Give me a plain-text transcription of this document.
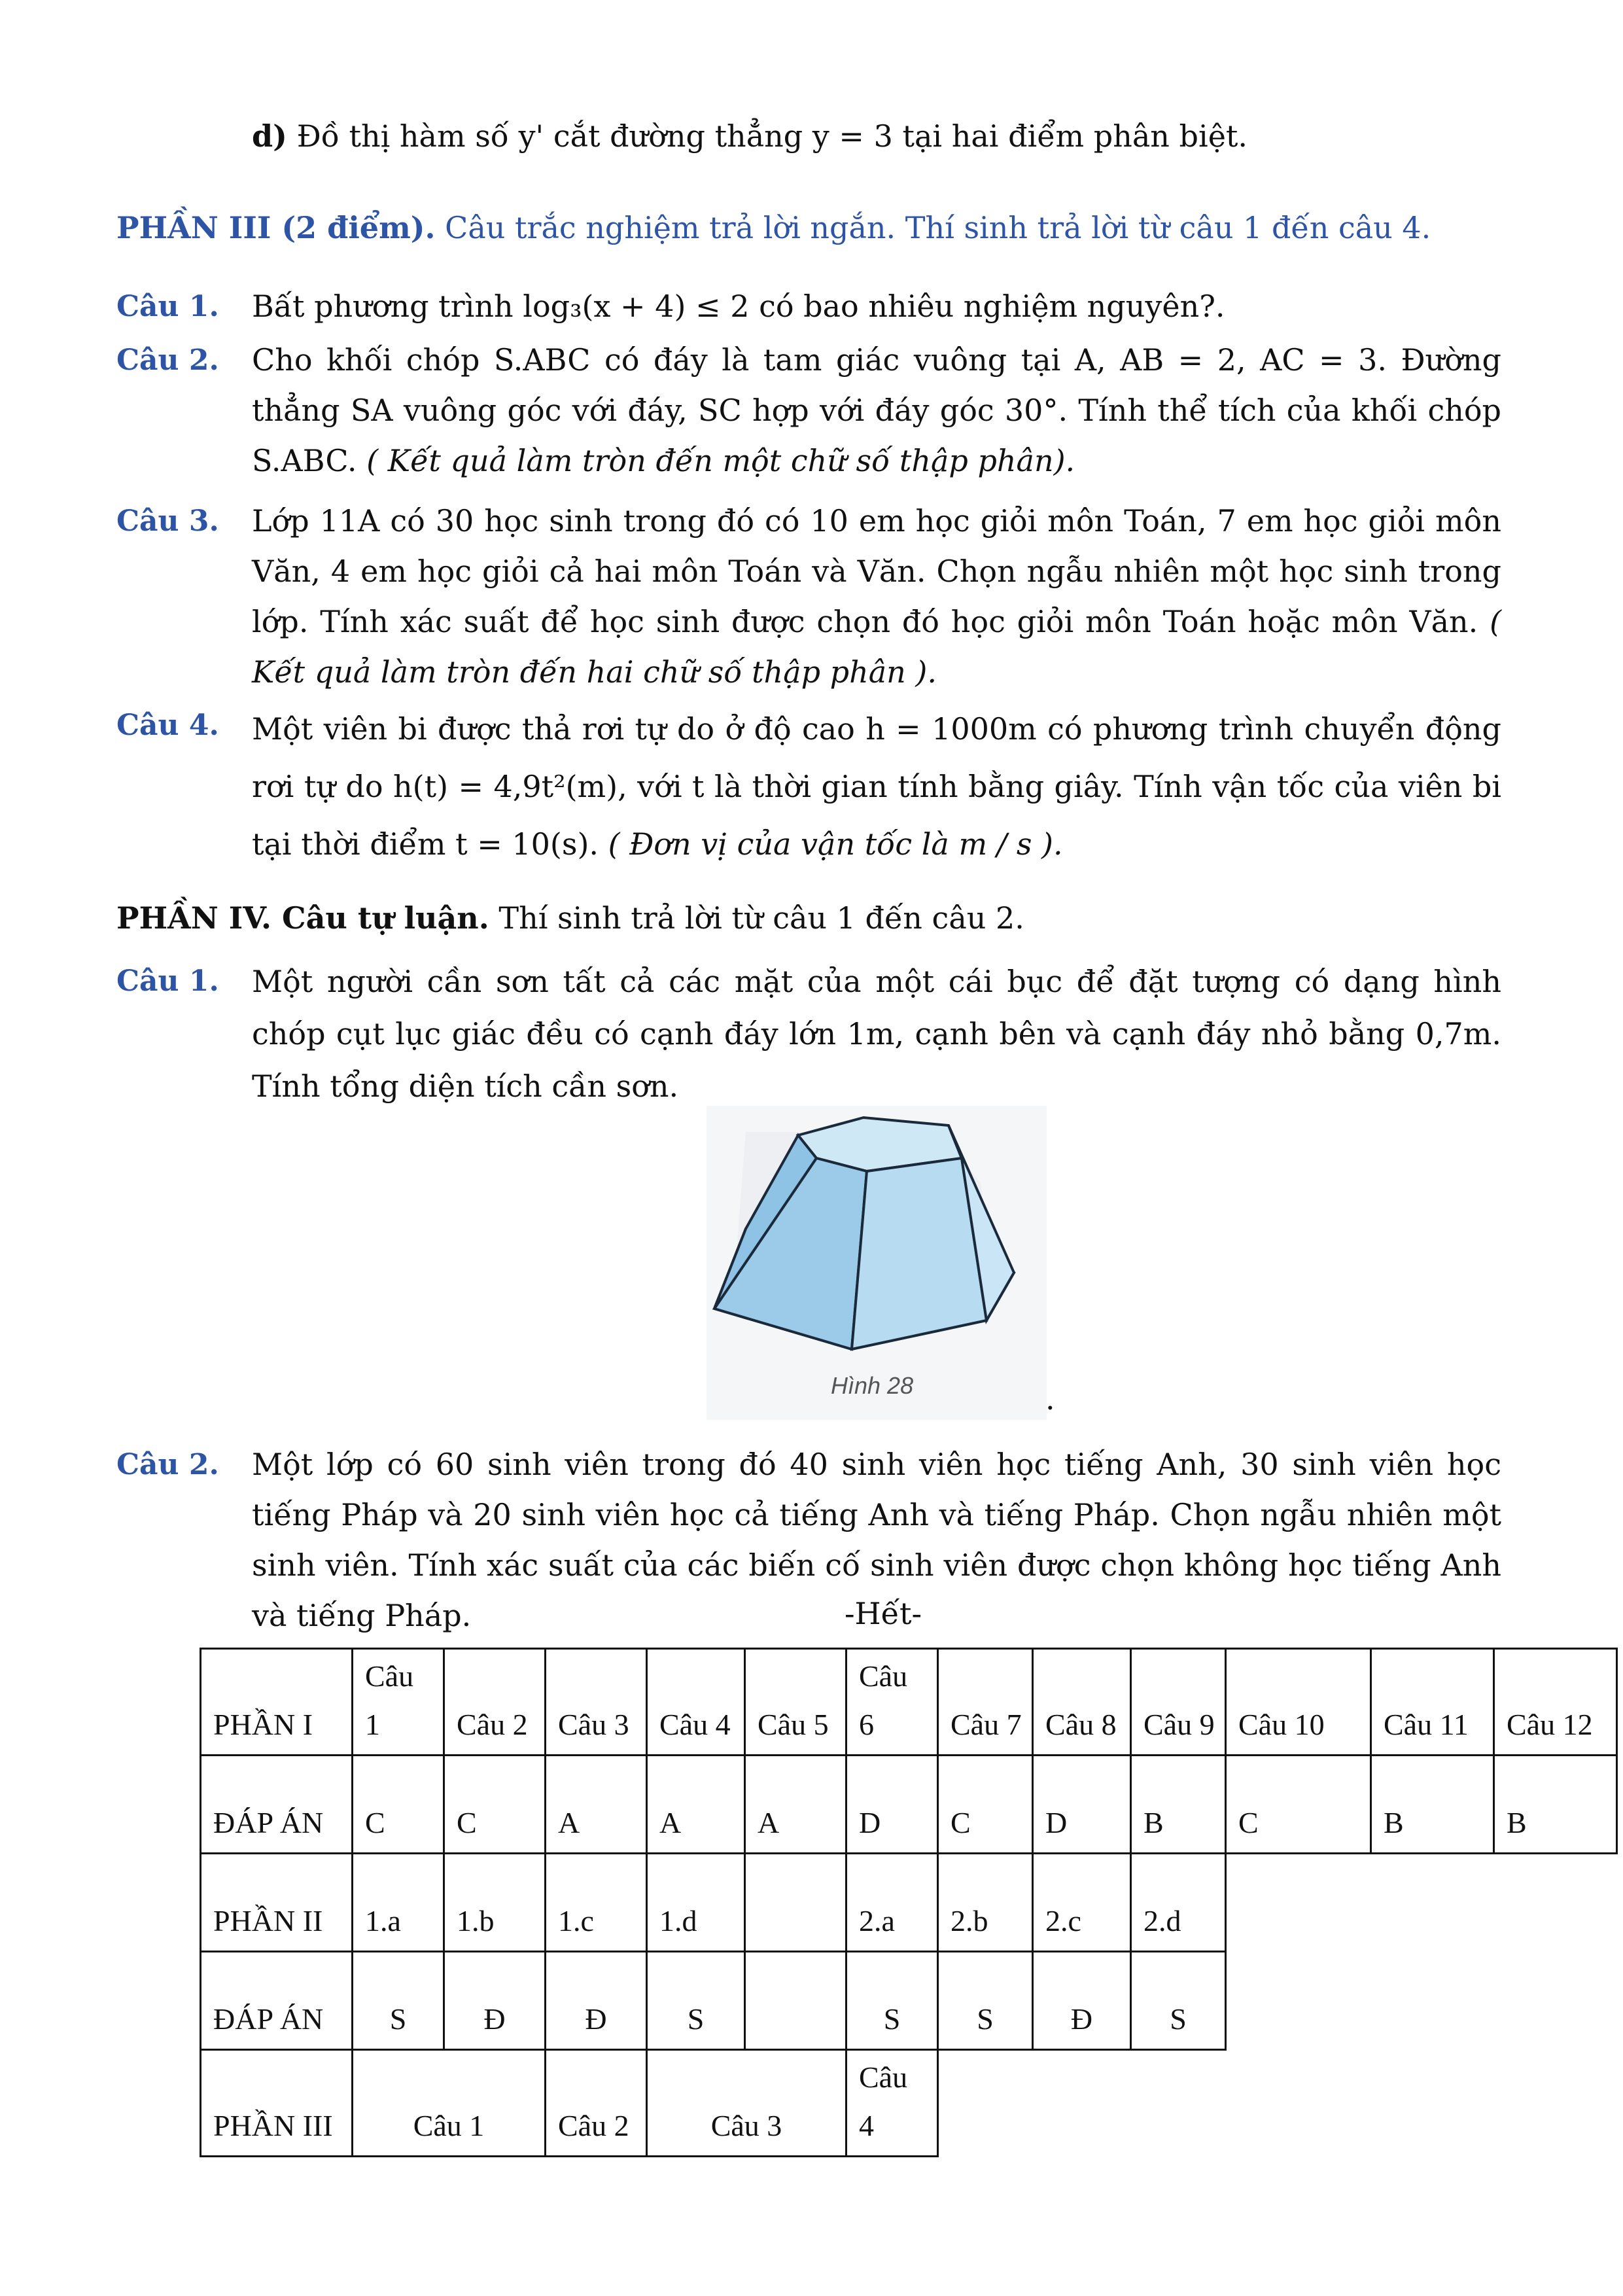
d) Đồ thị hàm số y' cắt đường thẳng y = 3 tại hai điểm phân biệt.
PHẦN III (2 điểm). Câu trắc nghiệm trả lời ngắn. Thí sinh trả lời từ câu 1 đến câu 4.
Câu 1. Bất phương trình log₃(x + 4) ≤ 2 có bao nhiêu nghiệm nguyên?.
Câu 2. Cho khối chóp S.ABC có đáy là tam giác vuông tại A, AB = 2, AC = 3. Đường thẳng SA vuông góc với đáy, SC hợp với đáy góc 30°. Tính thể tích của khối chóp S.ABC. ( Kết quả làm tròn đến một chữ số thập phân).
Câu 3. Lớp 11A có 30 học sinh trong đó có 10 em học giỏi môn Toán, 7 em học giỏi môn Văn, 4 em học giỏi cả hai môn Toán và Văn. Chọn ngẫu nhiên một học sinh trong lớp. Tính xác suất để học sinh được chọn đó học giỏi môn Toán hoặc môn Văn. ( Kết quả làm tròn đến hai chữ số thập phân ).
Câu 4. Một viên bi được thả rơi tự do ở độ cao h = 1000m có phương trình chuyển động rơi tự do h(t) = 4,9t²(m), với t là thời gian tính bằng giây. Tính vận tốc của viên bi tại thời điểm t = 10(s). ( Đơn vị của vận tốc là m / s ).
PHẦN IV. Câu tự luận. Thí sinh trả lời từ câu 1 đến câu 2.
Câu 1. Một người cần sơn tất cả các mặt của một cái bục để đặt tượng có dạng hình chóp cụt lục giác đều có cạnh đáy lớn 1m, cạnh bên và cạnh đáy nhỏ bằng 0,7m. Tính tổng diện tích cần sơn.
Hình 28	.
Câu 2. Một lớp có 60 sinh viên trong đó 40 sinh viên học tiếng Anh, 30 sinh viên học tiếng Pháp và 20 sinh viên học cả tiếng Anh và tiếng Pháp. Chọn ngẫu nhiên một sinh viên. Tính xác suất của các biến cố sinh viên được chọn không học tiếng Anh và tiếng Pháp.	-Hết-
PHẦN I	Câu 1	Câu 2	Câu 3	Câu 4	Câu 5	Câu 6	Câu 7	Câu 8	Câu 9	Câu 10	Câu 11	Câu 12
ĐÁP ÁN	C	C	A	A	A	D	C	D	B	C	B	B
PHẦN II	1.a	1.b	1.c	1.d		2.a	2.b	2.c	2.d			
ĐÁP ÁN	S	Đ	Đ	S		S	S	Đ	S			
PHẦN III	Câu 1		Câu 2	Câu 3		Câu 4						
